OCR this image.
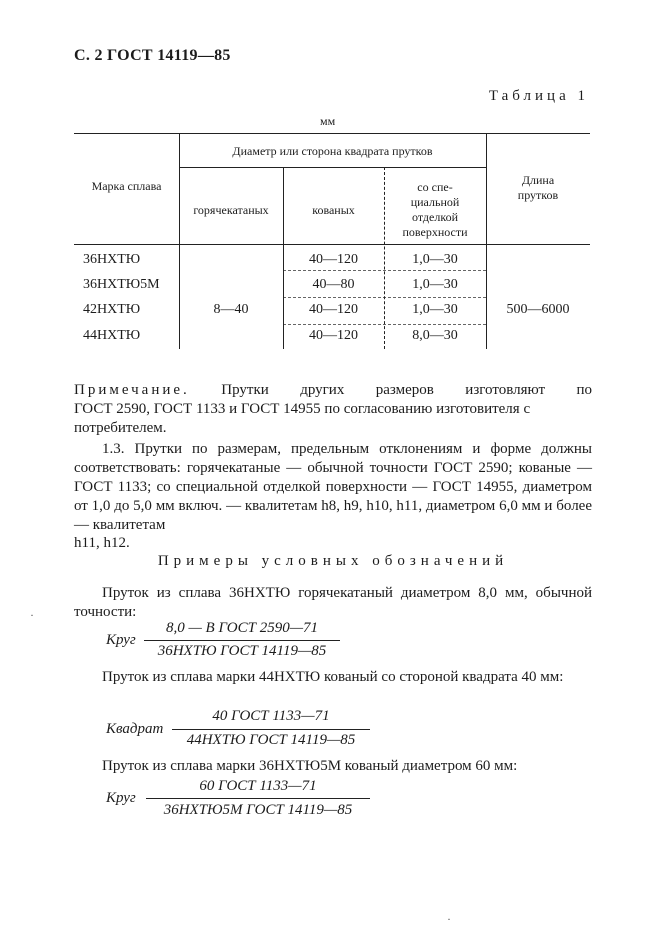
С. 2 ГОСТ 14119—85
Таблица 1
мм
Марка сплава
Диаметр или сторона квадрата прутков
горячекатаных	кованых
со спе-
циальной
отделкой
поверхности
Длина
прутков
36НХТЮ
36НХТЮ5М
42НХТЮ
44НХТЮ
8—40	500—6000
40—120
40—80
40—120
40—120
1,0—30
1,0—30
1,0—30
8,0—30
Примечание. Прутки других размеров изготовляют по
ГОСТ 2590, ГОСТ 1133 и ГОСТ 14955 по согласованию изготовителя с потребителем.
1.3. Прутки по размерам, предельным отклонениям и форме должны соответствовать: горячекатаные — обычной точности ГОСТ 2590; кованые — ГОСТ 1133; со специальной отделкой поверхности — ГОСТ 14955, диаметром от 1,0 до 5,0 мм включ. — квалитетам h8, h9, h10, h11, диаметром 6,0 мм и более — квалитетам
h11, h12.
Примеры условных обозначений
Пруток из сплава 36НХТЮ горячекатаный диаметром 8,0 мм, обычной точности:
Круг
8,0 — В ГОСТ 2590—71
36НХТЮ ГОСТ 14119—85
Пруток из сплава марки 44НХТЮ кованый со стороной квадрата 40 мм:
Квадрат
40 ГОСТ 1133—71
44НХТЮ ГОСТ 14119—85
Пруток из сплава марки 36НХТЮ5М кованый диаметром 60 мм:
Круг
60 ГОСТ 1133—71
36НХТЮ5М ГОСТ 14119—85
·
·
